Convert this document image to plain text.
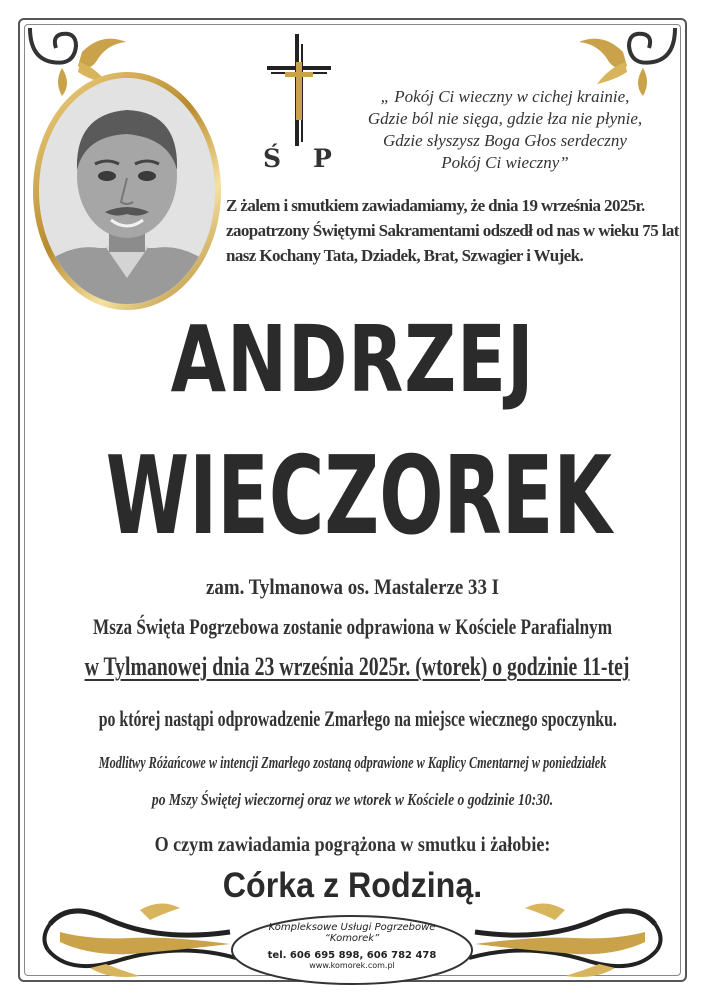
Ś P
„ Pokój Ci wieczny w cichej krainie,
Gdzie ból nie sięga, gdzie łza nie płynie,
Gdzie słyszysz Boga Głos serdeczny
Pokój Ci wieczny”
Z żalem i smutkiem zawiadamiamy, że dnia 19 września 2025r.
zaopatrzony Świętymi Sakramentami odszedł od nas w wieku 75 lat
nasz Kochany Tata, Dziadek, Brat, Szwagier i Wujek.
ANDRZEJ
WIECZOREK
zam. Tylmanowa os. Mastalerze 33 I
Msza Święta Pogrzebowa zostanie odprawiona w Kościele Parafialnym
w Tylmanowej dnia 23 września 2025r. (wtorek) o godzinie 11-tej
po której nastąpi odprowadzenie Zmarłego na miejsce wiecznego spoczynku.
Modlitwy Różańcowe w intencji Zmarłego zostaną odprawione w Kaplicy Cmentarnej w poniedziałek
po Mszy Świętej wieczornej oraz we wtorek w Kościele o godzinie 10:30.
O czym zawiadamia pogrążona w smutku i żałobie:
Córka z Rodziną.
Kompleksowe Usługi Pogrzebowe
“Komorek”
tel. 606 695 898, 606 782 478
www.komorek.com.pl
